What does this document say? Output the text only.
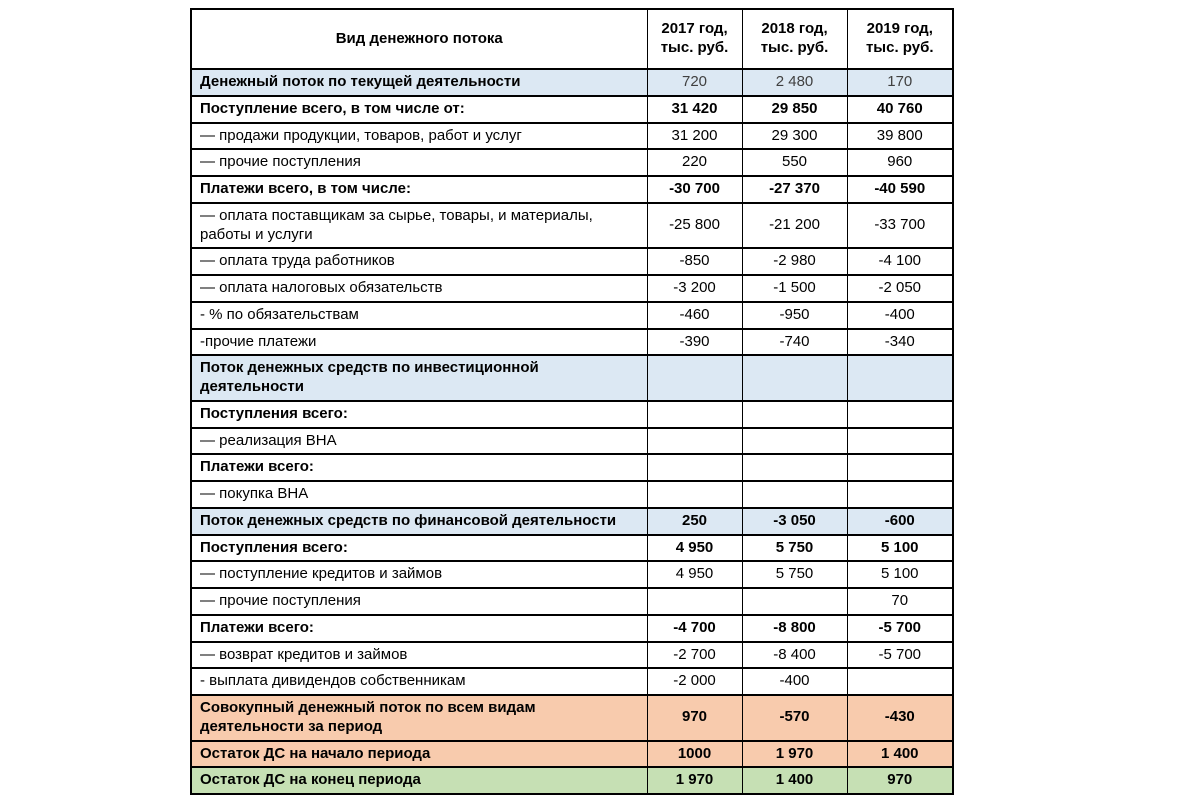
Вид денежного потока	2017 год, тыс. руб.	2018 год, тыс. руб.	2019 год, тыс. руб.
Денежный поток по текущей деятельности	720	2 480	170
Поступление всего, в том числе от:	31 420	29 850	40 760
— продажи продукции, товаров, работ и услуг	31 200	29 300	39 800
— прочие поступления	220	550	960
Платежи всего, в том числе:	-30 700	-27 370	-40 590
— оплата поставщикам за сырье, товары, и материалы, работы и услуги	-25 800	-21 200	-33 700
— оплата труда работников	-850	-2 980	-4 100
— оплата налоговых обязательств	-3 200	-1 500	-2 050
- % по обязательствам	-460	-950	-400
-прочие платежи	-390	-740	-340
Поток денежных средств по инвестиционной деятельности			
Поступления всего:			
— реализация ВНА			
Платежи всего:			
— покупка ВНА			
Поток денежных средств по финансовой деятельности	250	-3 050	-600
Поступления всего:	4 950	5 750	5 100
— поступление кредитов и займов	4 950	5 750	5 100
— прочие поступления			70
Платежи всего:	-4 700	-8 800	-5 700
— возврат кредитов и займов	-2 700	-8 400	-5 700
- выплата дивидендов собственникам	-2 000	-400	
Совокупный денежный поток по всем видам деятельности за период	970	-570	-430
Остаток ДС на начало периода	1000	1 970	1 400
Остаток ДС на конец периода	1 970	1 400	970
